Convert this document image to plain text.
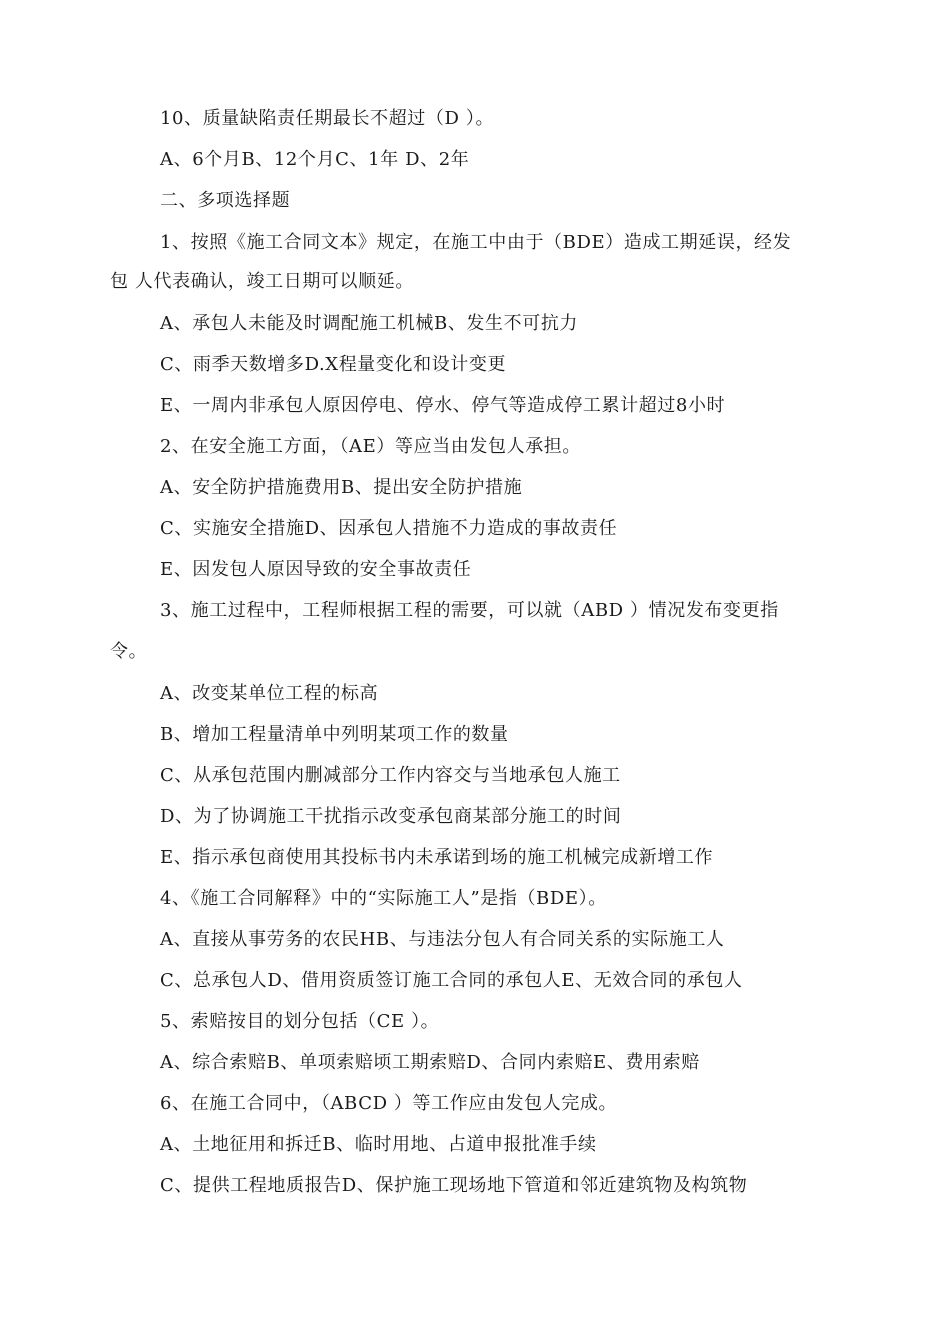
10、质量缺陷责任期最长不超过（D ）。
A、6个月B、12个月C、1年 D、2年
二、多项选择题
1、按照《施工合同文本》规定，在施工中由于（BDE）造成工期延误，经发
包 人代表确认，竣工日期可以顺延。
A、承包人未能及时调配施工机械B、发生不可抗力
C、雨季天数增多D.X程量变化和设计变更
E、一周内非承包人原因停电、停水、停气等造成停工累计超过8小时
2、在安全施工方面，（AE）等应当由发包人承担。
A、安全防护措施费用B、提出安全防护措施
C、实施安全措施D、因承包人措施不力造成的事故责任
E、因发包人原因导致的安全事故责任
3、施工过程中，工程师根据工程的需要，可以就（ABD ）情况发布变更指
令。
A、改变某单位工程的标高
B、增加工程量清单中列明某项工作的数量
C、从承包范围内删减部分工作内容交与当地承包人施工
D、为了协调施工干扰指示改变承包商某部分施工的时间
E、指示承包商使用其投标书内未承诺到场的施工机械完成新增工作
4、《施工合同解释》中的“实际施工人”是指（BDE）。
A、直接从事劳务的农民HB、与违法分包人有合同关系的实际施工人
C、总承包人D、借用资质签订施工合同的承包人E、无效合同的承包人
5、索赔按目的划分包括（CE ）。
A、综合索赔B、单项索赔顷工期索赔D、合同内索赔E、费用索赔
6、在施工合同中，（ABCD ）等工作应由发包人完成。
A、土地征用和拆迁B、临时用地、占道申报批准手续
C、提供工程地质报告D、保护施工现场地下管道和邻近建筑物及构筑物
